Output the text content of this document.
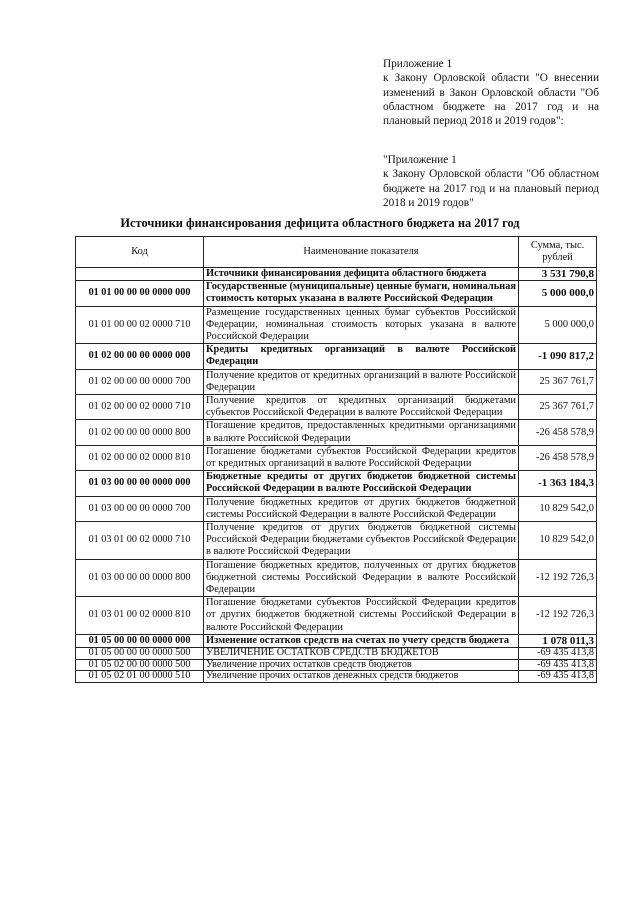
Приложение 1

к Закону Орловской области "О внесении изменений в Закон Орловской области "Об областном бюджете на 2017 год и на плановый период 2018 и 2019 годов":

"Приложение 1

к Закону Орловской области "Об областном бюджете на 2017 год и на плановый период 2018 и 2019 годов"

Источники финансирования дефицита областного бюджета на 2017 год
Код	Наименование показателя	Сумма, тыс. рублей
	Источники финансирования дефицита областного бюджета	3 531 790,8
01 01 00 00 00 0000 000	Государственные (муниципальные) ценные бумаги, номинальная стоимость которых указана в валюте Российской Федерации	5 000 000,0
01 01 00 00 02 0000 710	Размещение государственных ценных бумаг субъектов Российской Федерации, номинальная стоимость которых указана в валюте Российской Федерации	5 000 000,0
01 02 00 00 00 0000 000	Кредиты кредитных организаций в валюте Российской Федерации	-1 090 817,2
01 02 00 00 00 0000 700	Получение кредитов от кредитных организаций в валюте Российской Федерации	25 367 761,7
01 02 00 00 02 0000 710	Получение кредитов от кредитных организаций бюджетами субъектов Российской Федерации в валюте Российской Федерации	25 367 761,7
01 02 00 00 00 0000 800	Погашение кредитов, предоставленных кредитными организациями в валюте Российской Федерации	-26 458 578,9
01 02 00 00 02 0000 810	Погашение бюджетами субъектов Российской Федерации кредитов от кредитных организаций в валюте Российской Федерации	-26 458 578,9
01 03 00 00 00 0000 000	Бюджетные кредиты от других бюджетов бюджетной системы Российской Федерации в валюте Российской Федерации	-1 363 184,3
01 03 00 00 00 0000 700	Получение бюджетных кредитов от других бюджетов бюджетной системы Российской Федерации в валюте Российской Федерации	10 829 542,0
01 03 01 00 02 0000 710	Получение кредитов от других бюджетов бюджетной системы Российской Федерации бюджетами субъектов Российской Федерации в валюте Российской Федерации	10 829 542,0
01 03 00 00 00 0000 800	Погашение бюджетных кредитов, полученных от других бюджетов бюджетной системы Российской Федерации в валюте Российской Федерации	-12 192 726,3
01 03 01 00 02 0000 810	Погашение бюджетами субъектов Российской Федерации кредитов от других бюджетов бюджетной системы Российской Федерации в валюте Российской Федерации	-12 192 726,3
01 05 00 00 00 0000 000	Изменение остатков средств на счетах по учету средств бюджета	1 078 011,3
01 05 00 00 00 0000 500	УВЕЛИЧЕНИЕ ОСТАТКОВ СРЕДСТВ БЮДЖЕТОВ	-69 435 413,8
01 05 02 00 00 0000 500	Увеличение прочих остатков средств бюджетов	-69 435 413,8
01 05 02 01 00 0000 510	Увеличение прочих остатков денежных средств бюджетов	-69 435 413,8
